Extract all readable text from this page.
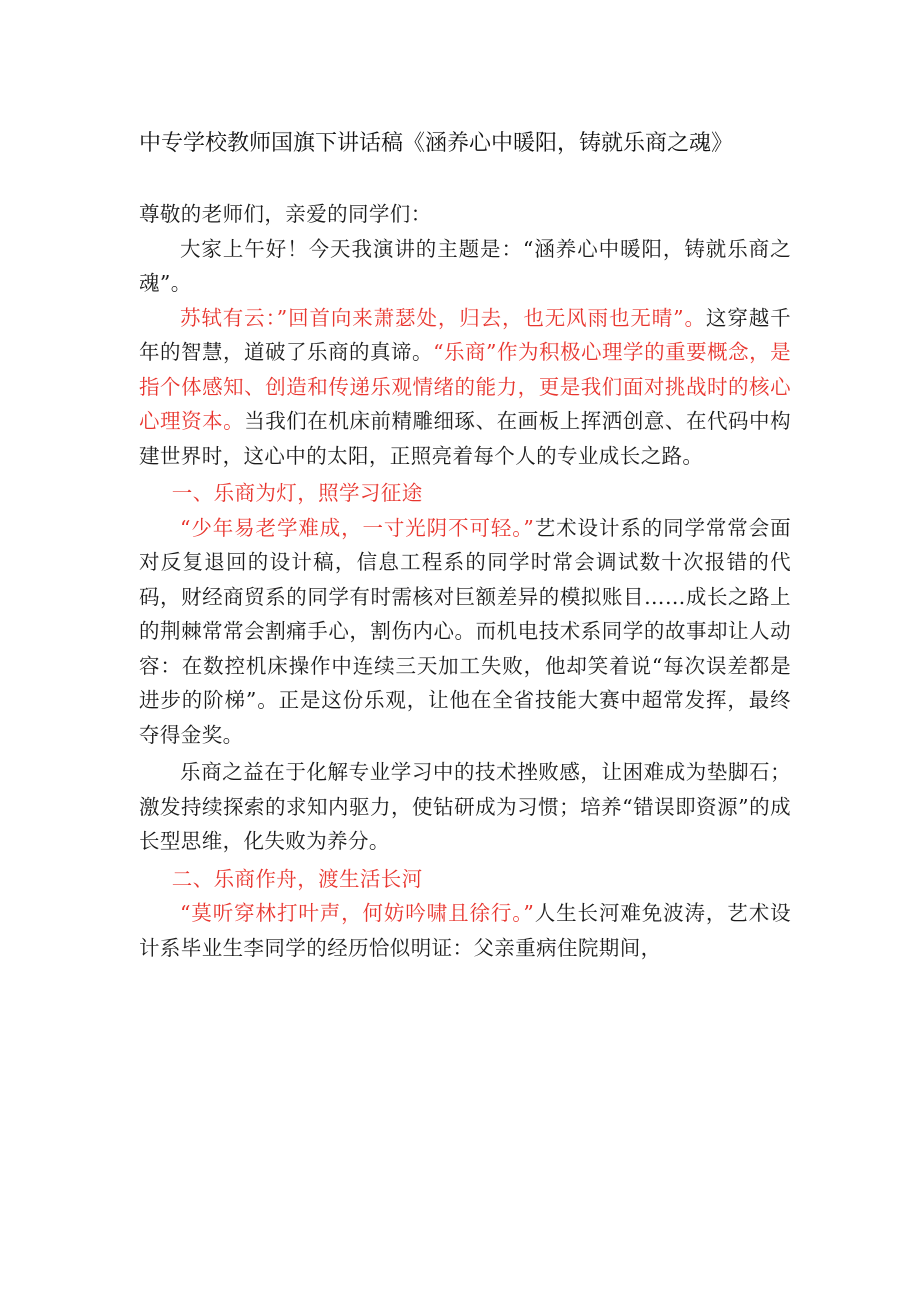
中专学校教师国旗下讲话稿《涵养心中暖阳，铸就乐商之魂》

尊敬的老师们，亲爱的同学们：

大家上午好！今天我演讲的主题是：“涵养心中暖阳，铸就乐商之魂”。

苏轼有云：”回首向来萧瑟处，归去，也无风雨也无晴”。这穿越千年的智慧，道破了乐商的真谛。“乐商”作为积极心理学的重要概念，是指个体感知、创造和传递乐观情绪的能力，更是我们面对挑战时的核心心理资本。当我们在机床前精雕细琢、在画板上挥洒创意、在代码中构建世界时，这心中的太阳，正照亮着每个人的专业成长之路。

一、乐商为灯，照学习征途

“少年易老学难成，一寸光阴不可轻。”艺术设计系的同学常常会面对反复退回的设计稿，信息工程系的同学时常会调试数十次报错的代码，财经商贸系的同学有时需核对巨额差异的模拟账目……成长之路上的荆棘常常会割痛手心，割伤内心。而机电技术系同学的故事却让人动容：在数控机床操作中连续三天加工失败，他却笑着说“每次误差都是进步的阶梯”。正是这份乐观，让他在全省技能大赛中超常发挥，最终夺得金奖。

乐商之益在于化解专业学习中的技术挫败感，让困难成为垫脚石；激发持续探索的求知内驱力，使钻研成为习惯；培养“错误即资源”的成长型思维，化失败为养分。

二、乐商作舟，渡生活长河

“莫听穿林打叶声，何妨吟啸且徐行。”人生长河难免波涛，艺术设计系毕业生李同学的经历恰似明证：父亲重病住院期间，
